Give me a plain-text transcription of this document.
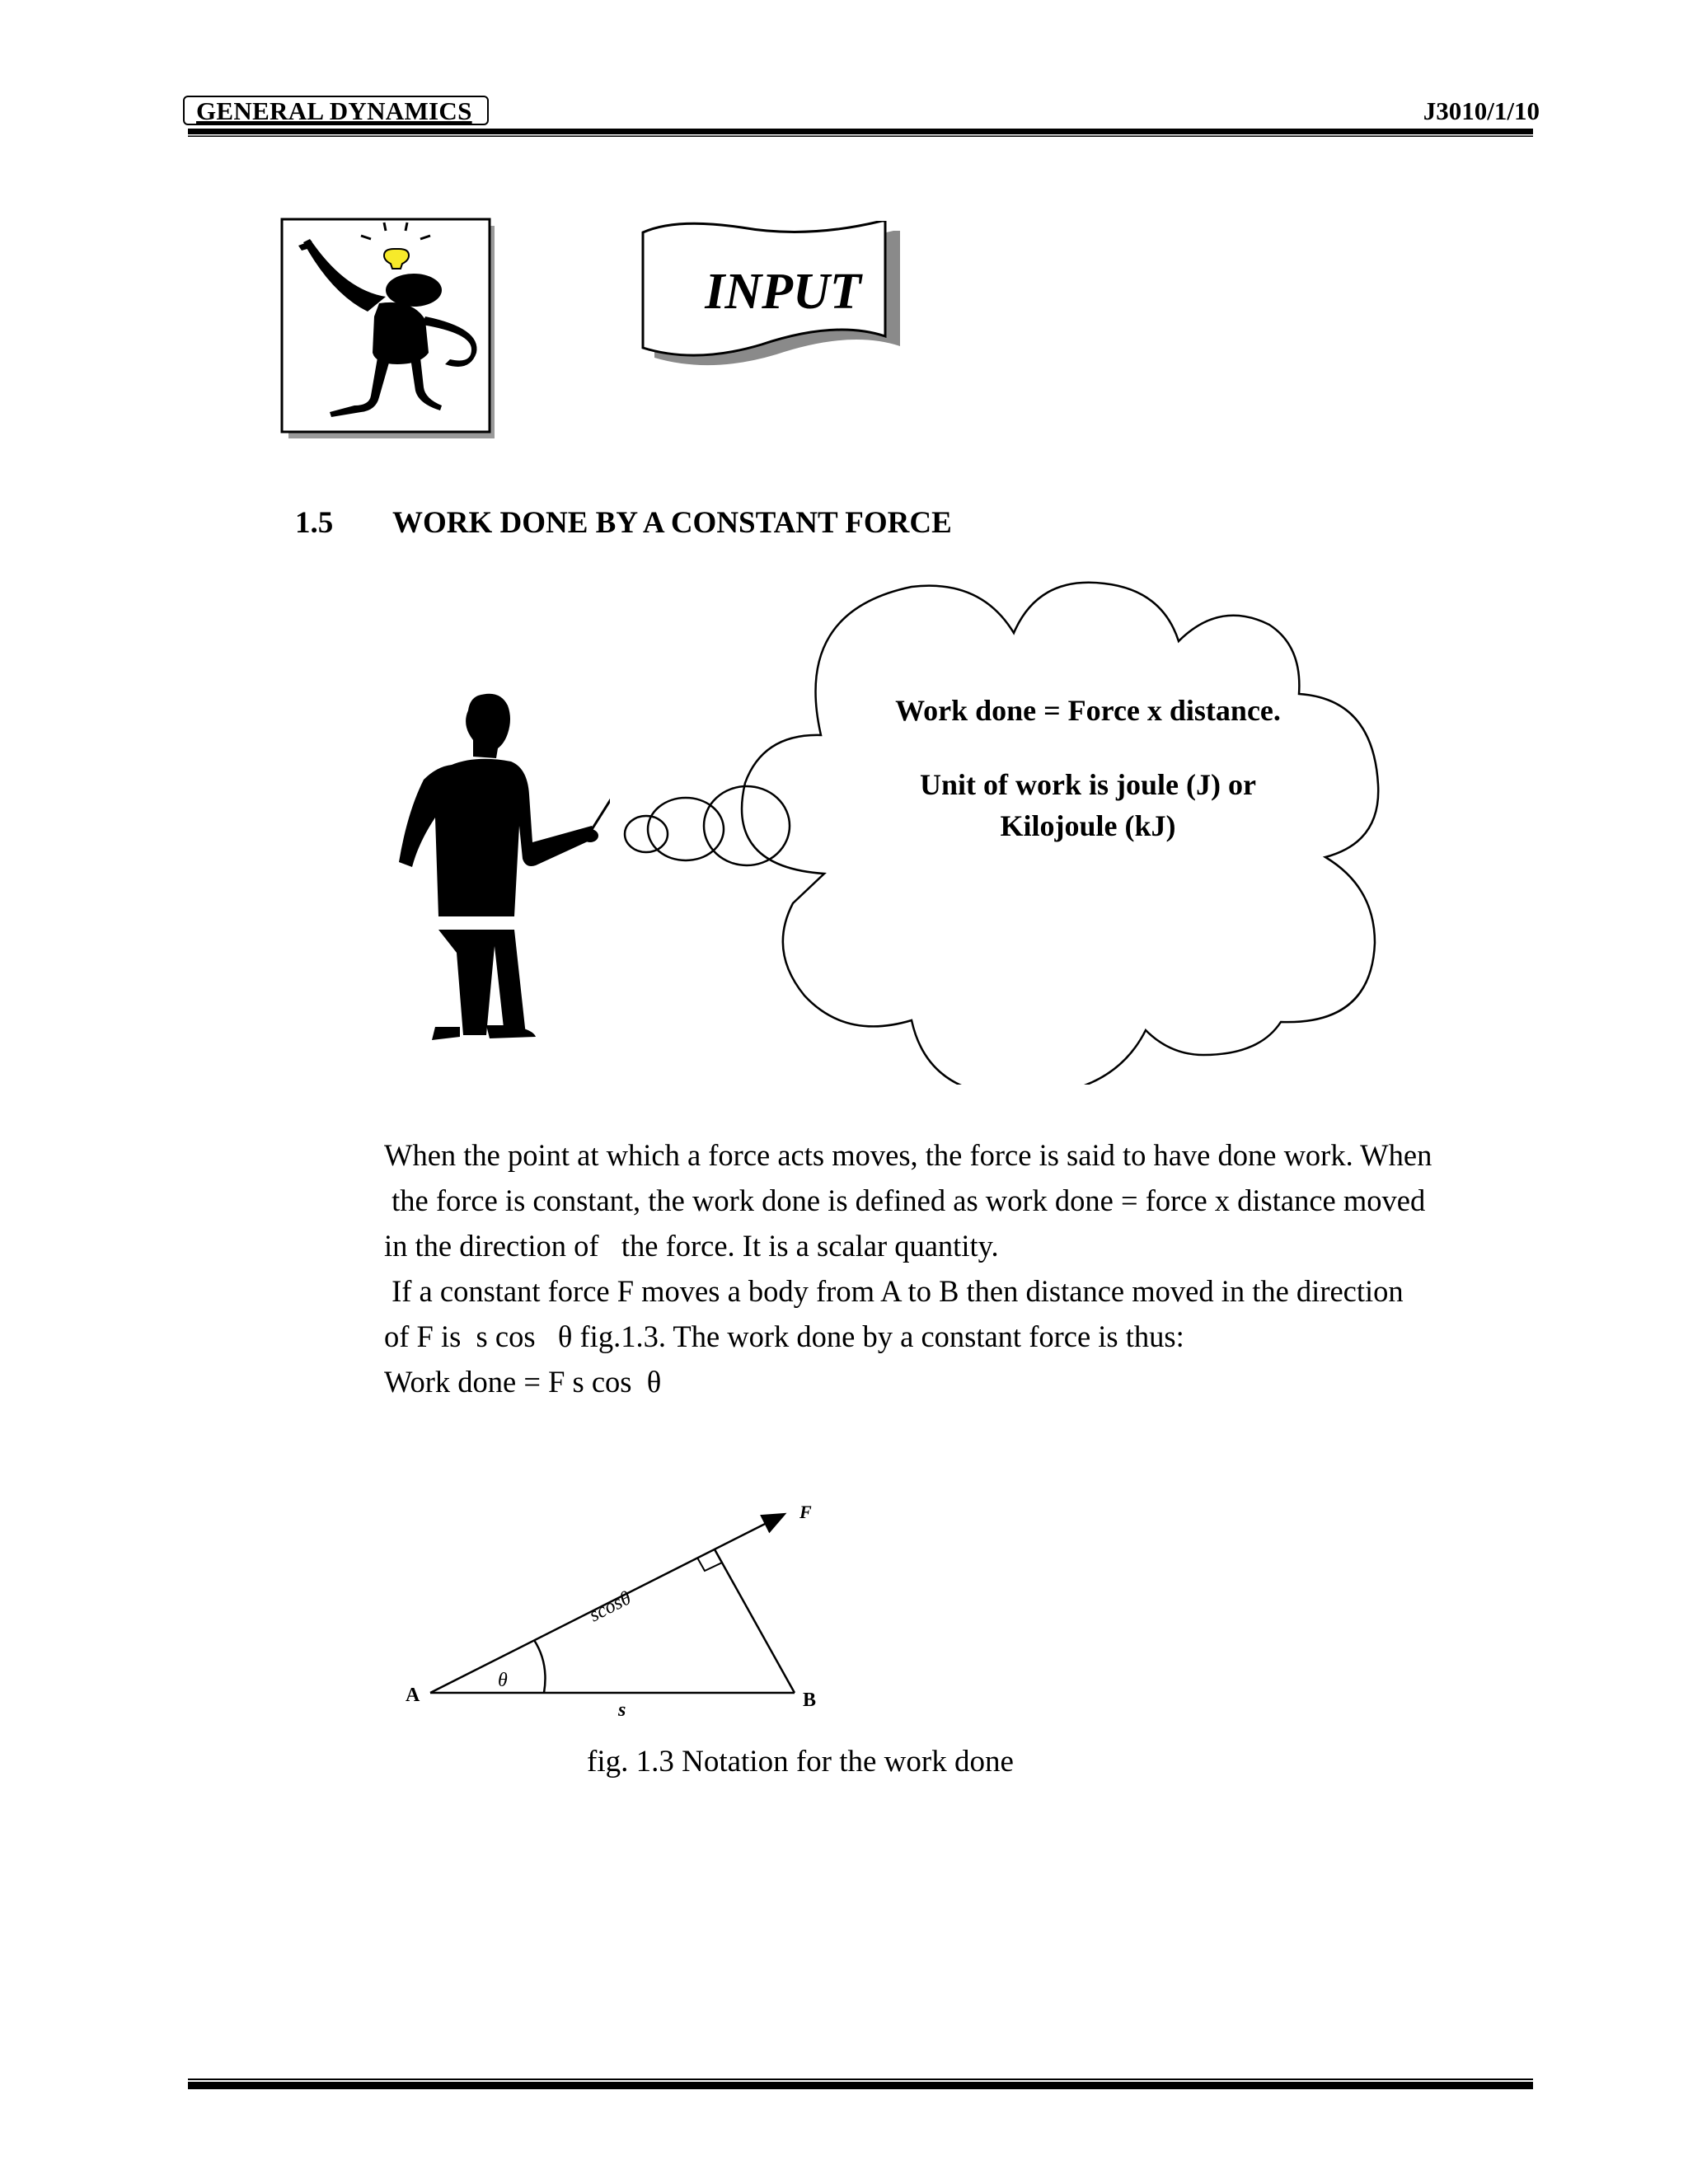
GENERAL DYNAMICS	J3010/1/10
INPUT
1.5 WORK DONE BY A CONSTANT FORCE
Work done = Force x distance.
Unit of work is joule (J) or
Kilojoule (kJ)
When the point at which a force acts moves, the force is said to have done work. When
the force is constant, the work done is defined as work done = force x distance moved
in the direction of   the force. It is a scalar quantity.
If a constant force F moves a body from A to B then distance moved in the direction
of F is  s cos   θ fig.1.3. The work done by a constant force is thus:
Work done = F s cos  θ
F
scosθ
θ
A	B
s
fig. 1.3 Notation for the work done
